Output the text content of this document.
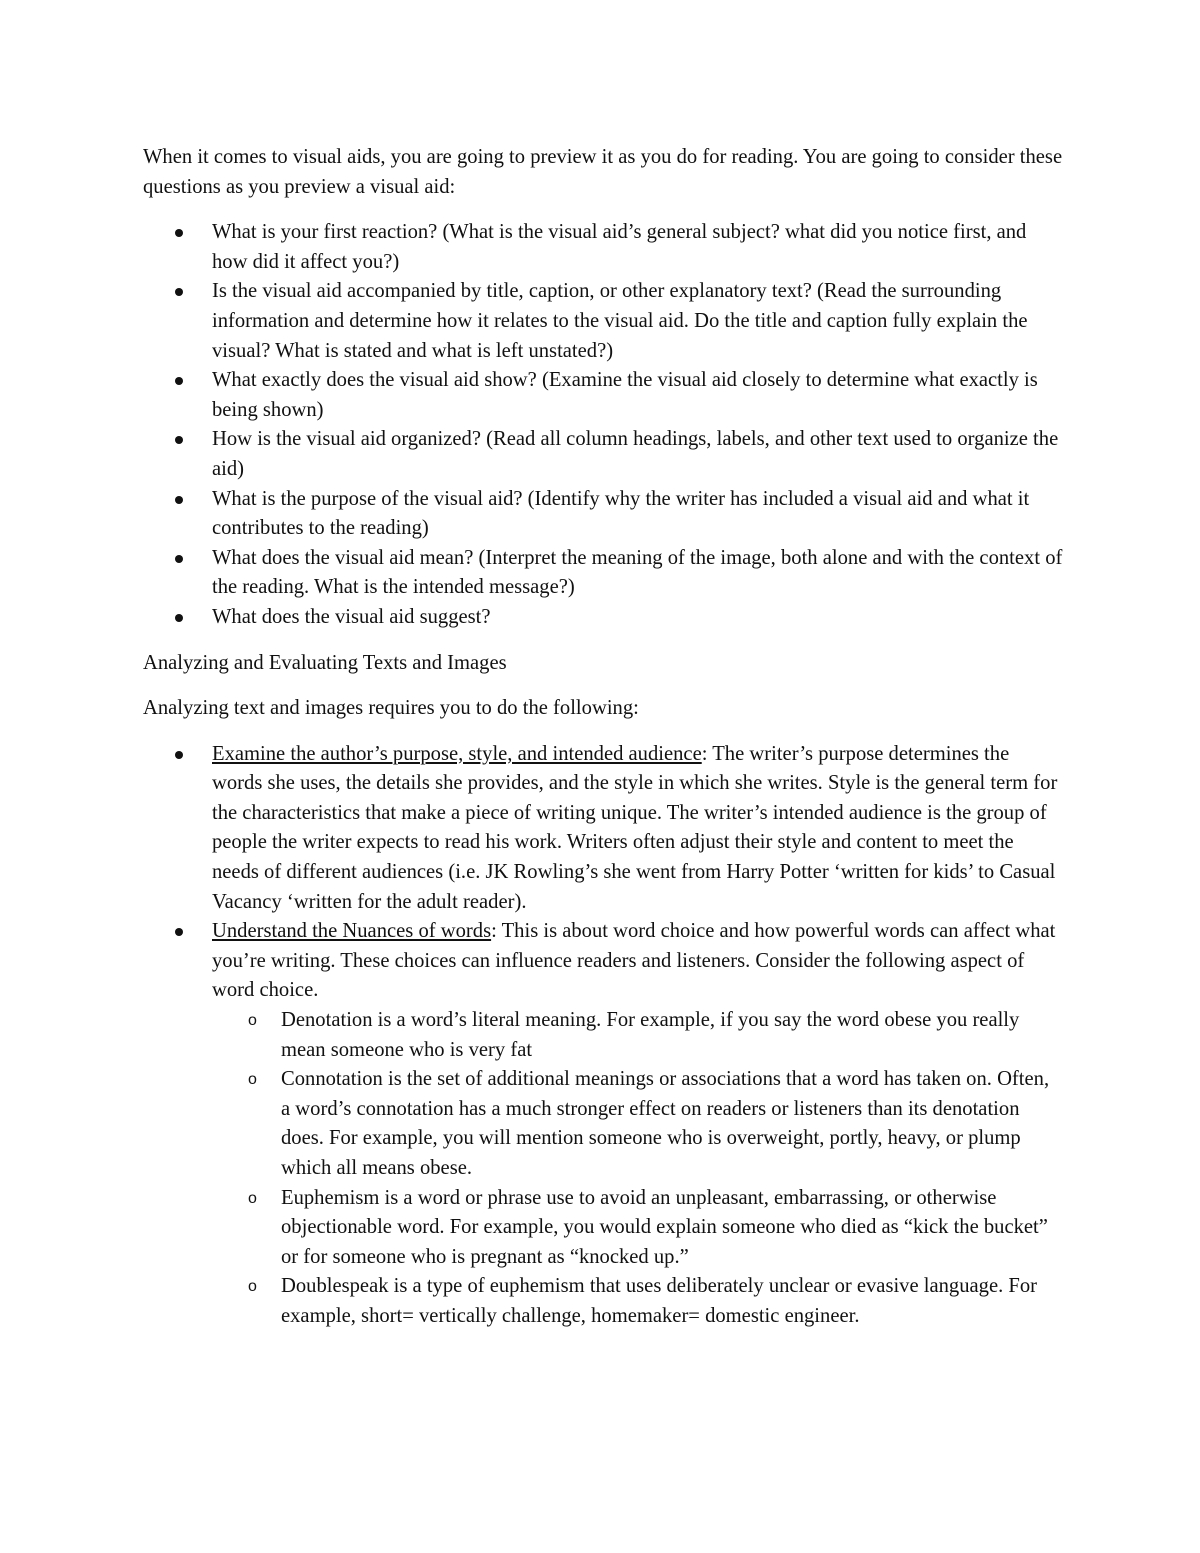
When it comes to visual aids, you are going to preview it as you do for reading. You are going to consider these questions as you preview a visual aid:

What is your first reaction? (What is the visual aid’s general subject? what did you notice first, and how did it affect you?)
Is the visual aid accompanied by title, caption, or other explanatory text? (Read the surrounding information and determine how it relates to the visual aid. Do the title and caption fully explain the visual? What is stated and what is left unstated?)
What exactly does the visual aid show? (Examine the visual aid closely to determine what exactly is being shown)
How is the visual aid organized? (Read all column headings, labels, and other text used to organize the aid)
What is the purpose of the visual aid? (Identify why the writer has included a visual aid and what it contributes to the reading)
What does the visual aid mean? (Interpret the meaning of the image, both alone and with the context of the reading. What is the intended message?)
What does the visual aid suggest?

Analyzing and Evaluating Texts and Images

Analyzing text and images requires you to do the following:

Examine the author’s purpose, style, and intended audience: The writer’s purpose determines the words she uses, the details she provides, and the style in which she writes. Style is the general term for the characteristics that make a piece of writing unique. The writer’s intended audience is the group of people the writer expects to read his work. Writers often adjust their style and content to meet the needs of different audiences (i.e. JK Rowling’s she went from Harry Potter ‘written for kids’ to Casual Vacancy ‘written for the adult reader).
Understand the Nuances of words: This is about word choice and how powerful words can affect what you’re writing. These choices can influence readers and listeners. Consider the following aspect of word choice.
o Denotation is a word’s literal meaning. For example, if you say the word obese you really mean someone who is very fat
o Connotation is the set of additional meanings or associations that a word has taken on. Often, a word’s connotation has a much stronger effect on readers or listeners than its denotation does. For example, you will mention someone who is overweight, portly, heavy, or plump which all means obese.
o Euphemism is a word or phrase use to avoid an unpleasant, embarrassing, or otherwise objectionable word. For example, you would explain someone who died as “kick the bucket” or for someone who is pregnant as “knocked up.”
o Doublespeak is a type of euphemism that uses deliberately unclear or evasive language. For example, short= vertically challenge, homemaker= domestic engineer.
